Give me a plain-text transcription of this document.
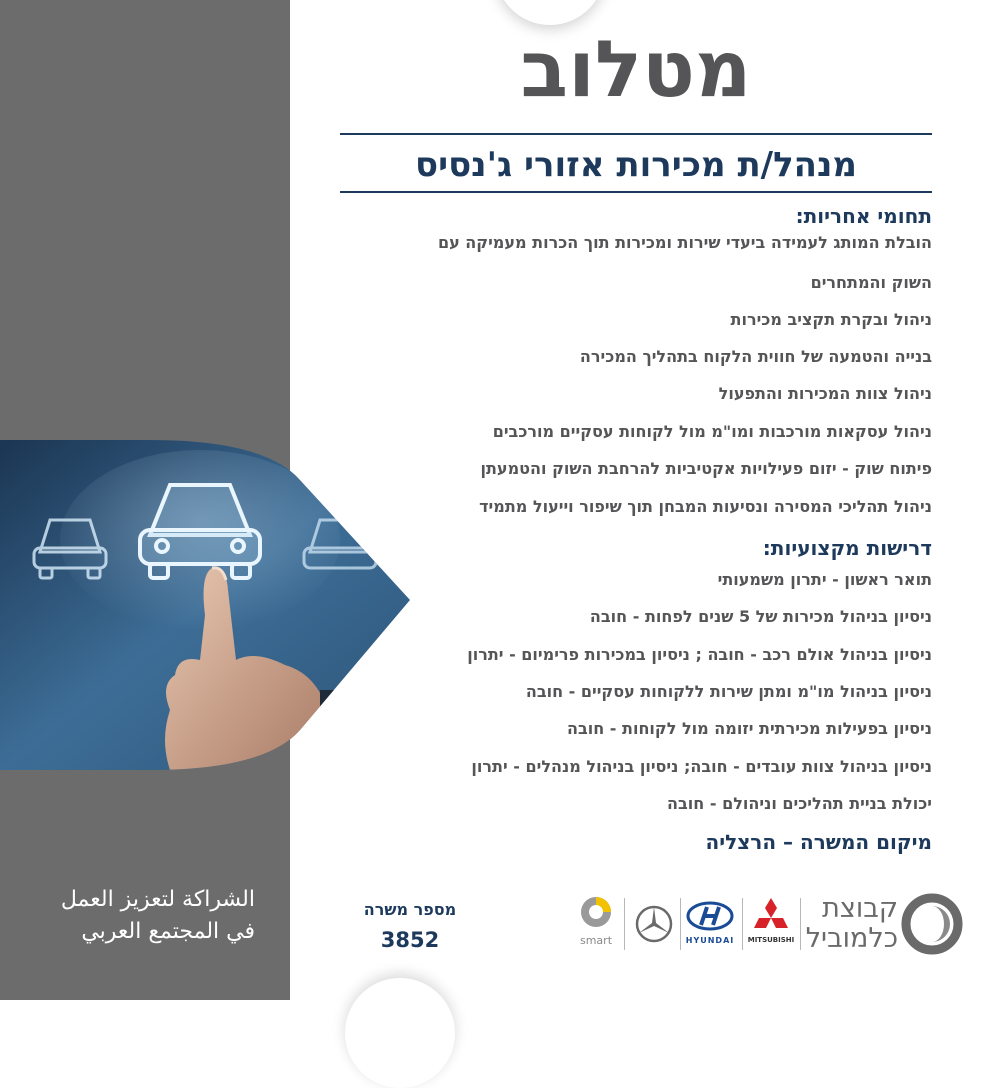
מטלוב
מנהל/ת מכירות אזורי ג'נסיס

תחומי אחריות:

הובלת המותג לעמידה ביעדי שירות ומכירות תוך הכרות מעמיקה עם
השוק והמתחרים
ניהול ובקרת תקציב מכירות
בנייה והטמעה של חווית הלקוח בתהליך המכירה
ניהול צוות המכירות והתפעול
ניהול עסקאות מורכבות ומו"מ מול לקוחות עסקיים מורכבים
פיתוח שוק - יזום פעילויות אקטיביות להרחבת השוק והטמעתן
ניהול תהליכי המסירה ונסיעות המבחן תוך שיפור וייעול מתמיד

דרישות מקצועיות:

תואר ראשון - יתרון משמעותי
ניסיון בניהול מכירות של 5 שנים לפחות - חובה
ניסיון בניהול אולם רכב - חובה ; ניסיון במכירות פרימיום - יתרון
ניסיון בניהול מו"מ ומתן שירות ללקוחות עסקיים - חובה
ניסיון בפעילות מכירתית יזומה מול לקוחות - חובה
ניסיון בניהול צוות עובדים - חובה; ניסיון בניהול מנהלים - יתרון
יכולת בניית תהליכים וניהולם - חובה
מיקום המשרה – הרצליה
מספר משרה
3852
الشراكة لتعزيز العمل
في المجتمع العربي	smart	HYUNDAI MITSUBISHI
קבוצת
כלמוביל
